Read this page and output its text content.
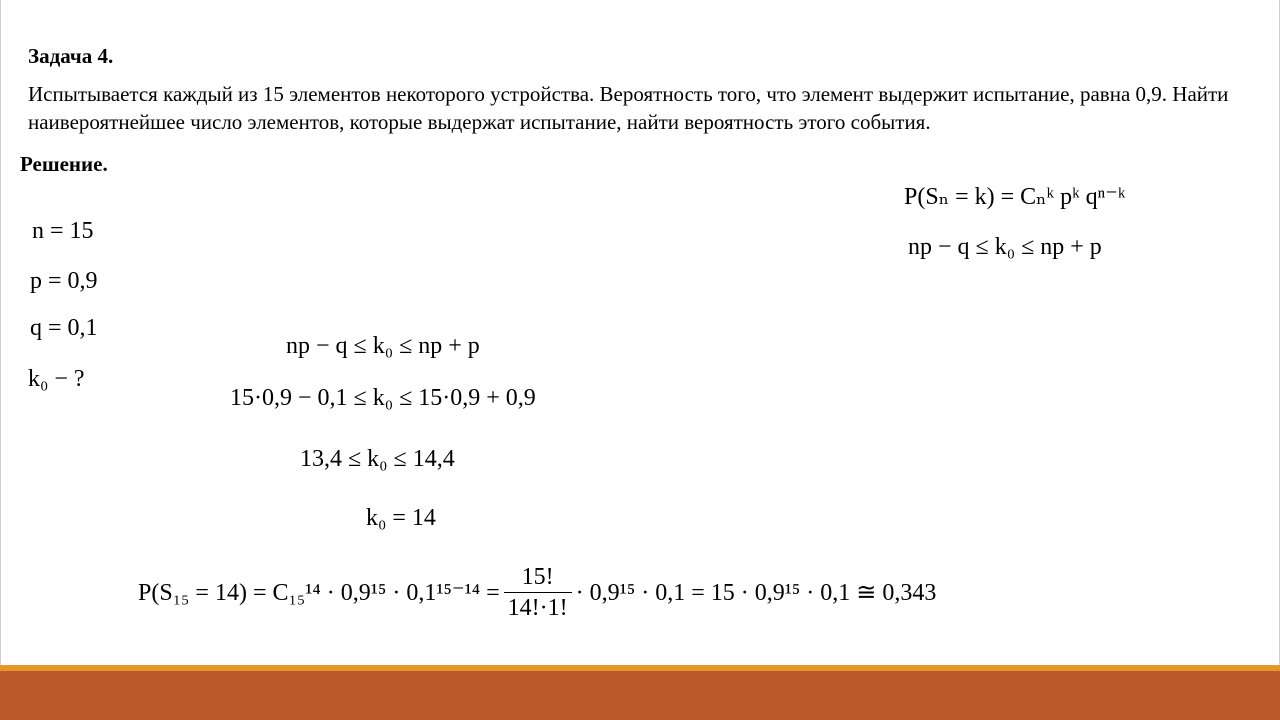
Задача 4.
Испытывается каждый из 15 элементов некоторого устройства. Вероятность того, что элемент выдержит испытание, равна 0,9. Найти наивероятнейшее число элементов, которые выдержат испытание, найти вероятность этого события.
Решение.
n = 15
p = 0,9
q = 0,1
k₀ − ?
P(Sₙ = k) = Cₙᵏ pᵏ qⁿ⁻ᵏ
np − q ≤ k₀ ≤ np + p
np − q ≤ k₀ ≤ np + p
15·0,9 − 0,1 ≤ k₀ ≤ 15·0,9 + 0,9
13,4 ≤ k₀ ≤ 14,4
k₀ = 14
$P(S_{15} = 14) = C_{15}^{14} \cdot 0,9^{15} \cdot 0,1^{15-14} = \frac{15!}{14!\cdot 1!} \cdot 0,9^{15} \cdot 0,1 = 15 \cdot 0,9^{15} \cdot 0,1$ ≅ 0,343
